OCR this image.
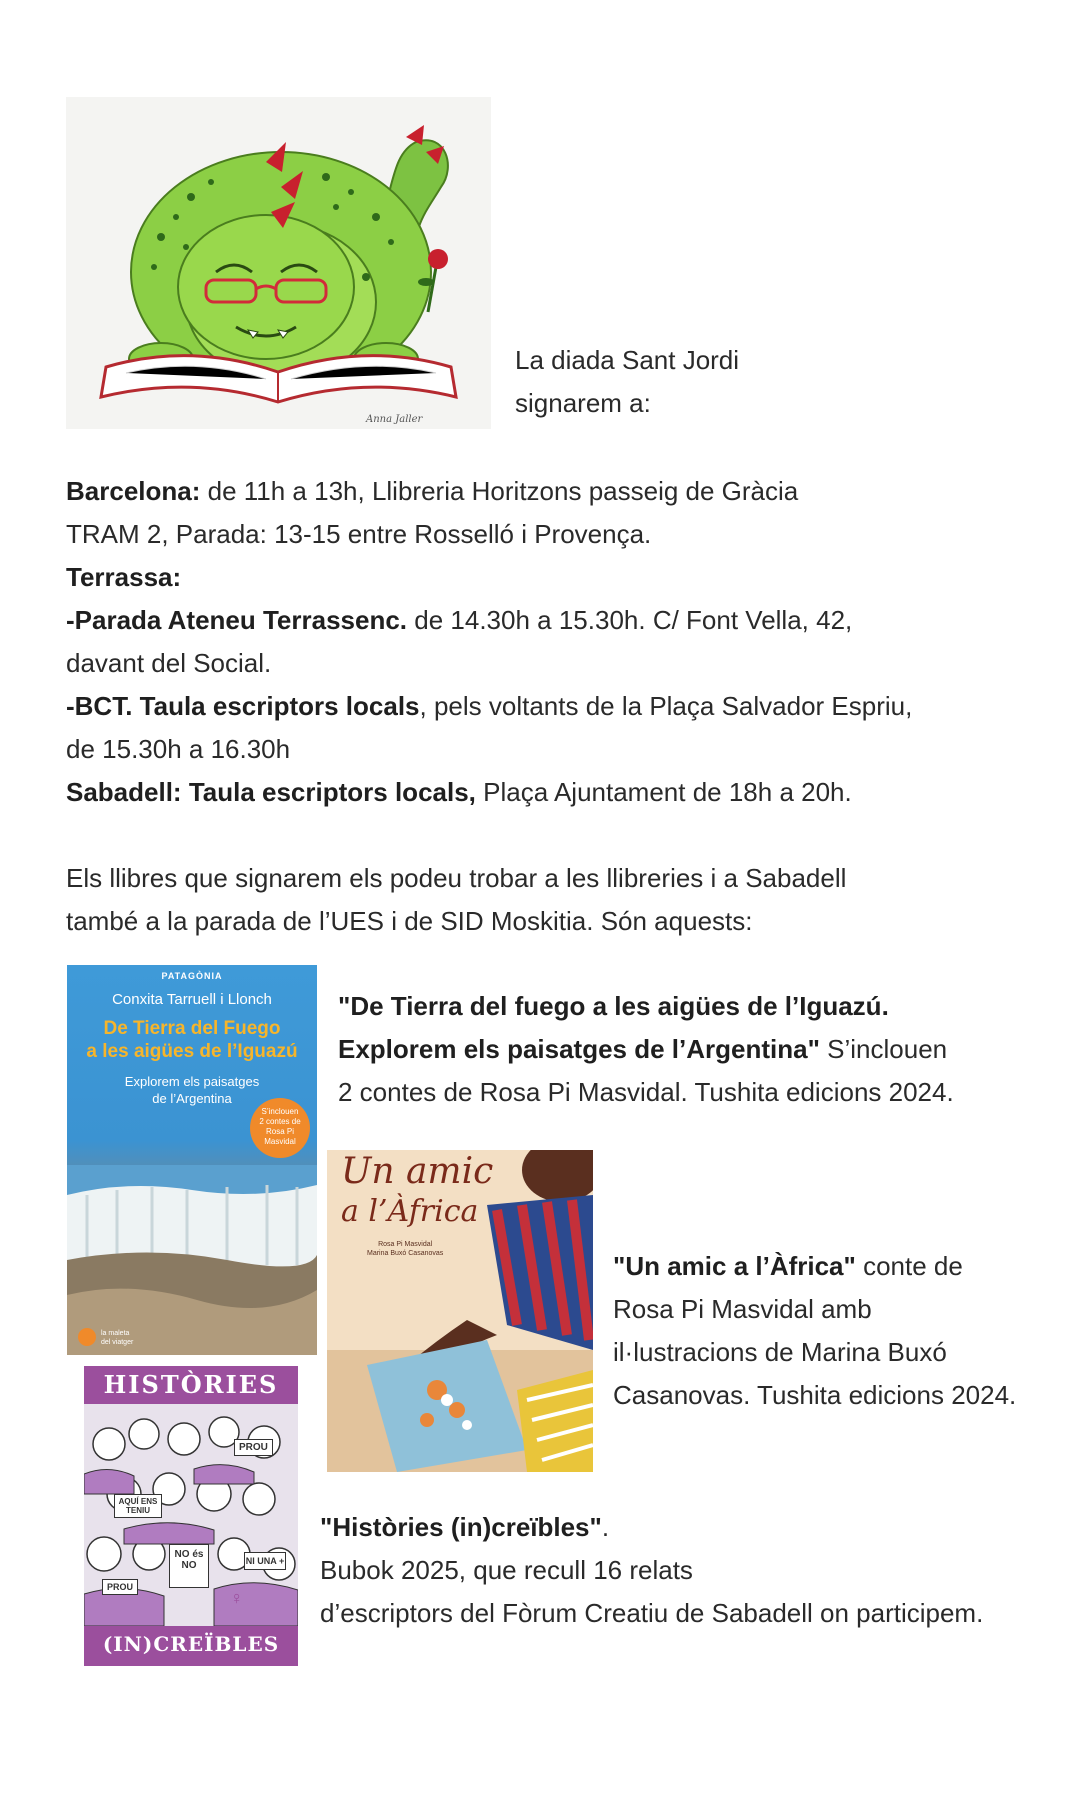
Anna Jaller
La diada Sant Jordi
signarem a:
Barcelona: de 11h a 13h, Llibreria Horitzons passeig de Gràcia
TRAM 2, Parada: 13-15 entre Rosselló i Provença.
Terrassa:
-Parada Ateneu Terrassenc. de 14.30h a 15.30h. C/ Font Vella, 42,
davant del Social.
-BCT. Taula escriptors locals, pels voltants de la Plaça Salvador Espriu,
de 15.30h a 16.30h
Sabadell: Taula escriptors locals, Plaça Ajuntament de 18h a 20h.
Els llibres que signarem els podeu trobar a les llibreries i a Sabadell
també a la parada de l’UES i de SID Moskitia. Són aquests:
PATAGÒNIA
Conxita Tarruell i Llonch
De Tierra del Fuego
a les aigües de l’Iguazú
Explorem els paisatges
de l’Argentina
S’inclouen
2 contes de
Rosa Pi
Masvidal
la maleta
del viatger
"De Tierra del fuego a les aigües de l’Iguazú.
Explorem els paisatges de l’Argentina" S’inclouen
2 contes de Rosa Pi Masvidal. Tushita edicions 2024.
Un amic
a l’Àfrica
Rosa Pi Masvidal
Marina Buxó Casanovas	"Un amic a l’Àfrica" conte de
Rosa Pi Masvidal amb
il·lustracions de Marina Buxó
Casanovas. Tushita edicions 2024.
HISTÒRIES
PROU
AQUÍ ENS TENIU
NO és NO	NI UNA +
PROU
♀
(IN)CREÏBLES
"Històries (in)creïbles".
Bubok 2025, que recull 16 relats
d’escriptors del Fòrum Creatiu de Sabadell on participem.
